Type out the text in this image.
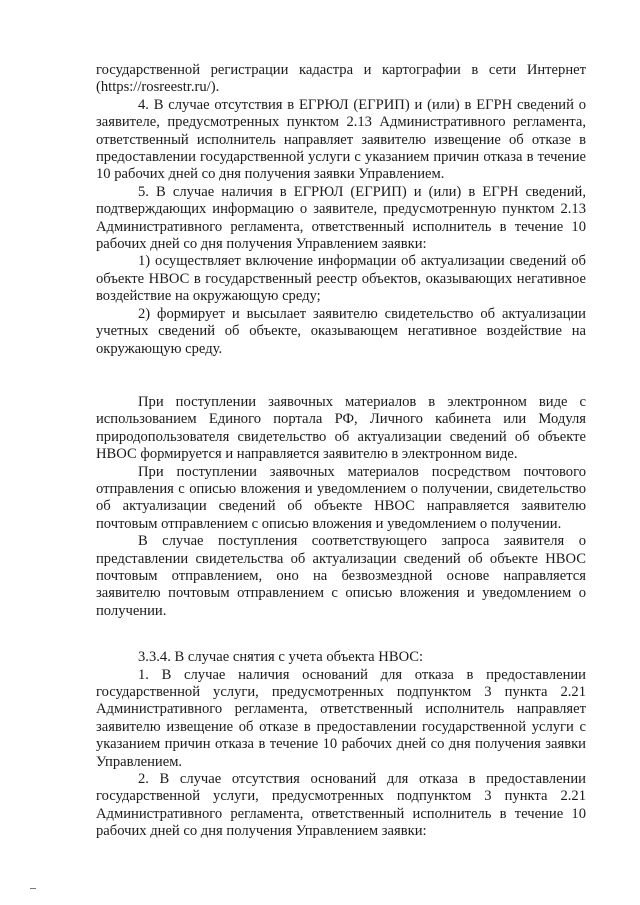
государственной регистрации кадастра и картографии в сети Интернет (https://rosreestr.ru/).

4. В случае отсутствия в ЕГРЮЛ (ЕГРИП) и (или) в ЕГРН сведений о заявителе, предусмотренных пунктом 2.13 Административного регламента, ответственный исполнитель направляет заявителю извещение об отказе в предоставлении государственной услуги с указанием причин отказа в течение 10 рабочих дней со дня получения заявки Управлением.

5. В случае наличия в ЕГРЮЛ (ЕГРИП) и (или) в ЕГРН сведений, подтверждающих информацию о заявителе, предусмотренную пунктом 2.13 Административного регламента, ответственный исполнитель в течение 10 рабочих дней со дня получения Управлением заявки:

1) осуществляет включение информации об актуализации сведений об объекте НВОС в государственный реестр объектов, оказывающих негативное воздействие на окружающую среду;

2) формирует и высылает заявителю свидетельство об актуализации учетных сведений об объекте, оказывающем негативное воздействие на окружающую среду.

При поступлении заявочных материалов в электронном виде с использованием Единого портала РФ, Личного кабинета или Модуля природопользователя свидетельство об актуализации сведений об объекте НВОС формируется и направляется заявителю в электронном виде.

При поступлении заявочных материалов посредством почтового отправления с описью вложения и уведомлением о получении, свидетельство об актуализации сведений об объекте НВОС направляется заявителю почтовым отправлением с описью вложения и уведомлением о получении.

В случае поступления соответствующего запроса заявителя о представлении свидетельства об актуализации сведений об объекте НВОС почтовым отправлением, оно на безвозмездной основе направляется заявителю почтовым отправлением с описью вложения и уведомлением о получении.

3.3.4. В случае снятия с учета объекта НВОС:

1. В случае наличия оснований для отказа в предоставлении государственной услуги, предусмотренных подпунктом 3 пункта 2.21 Административного регламента, ответственный исполнитель направляет заявителю извещение об отказе в предоставлении государственной услуги с указанием причин отказа в течение 10 рабочих дней со дня получения заявки Управлением.

2. В случае отсутствия оснований для отказа в предоставлении государственной услуги, предусмотренных подпунктом 3 пункта 2.21 Административного регламента, ответственный исполнитель в течение 10 рабочих дней со дня получения Управлением заявки:
